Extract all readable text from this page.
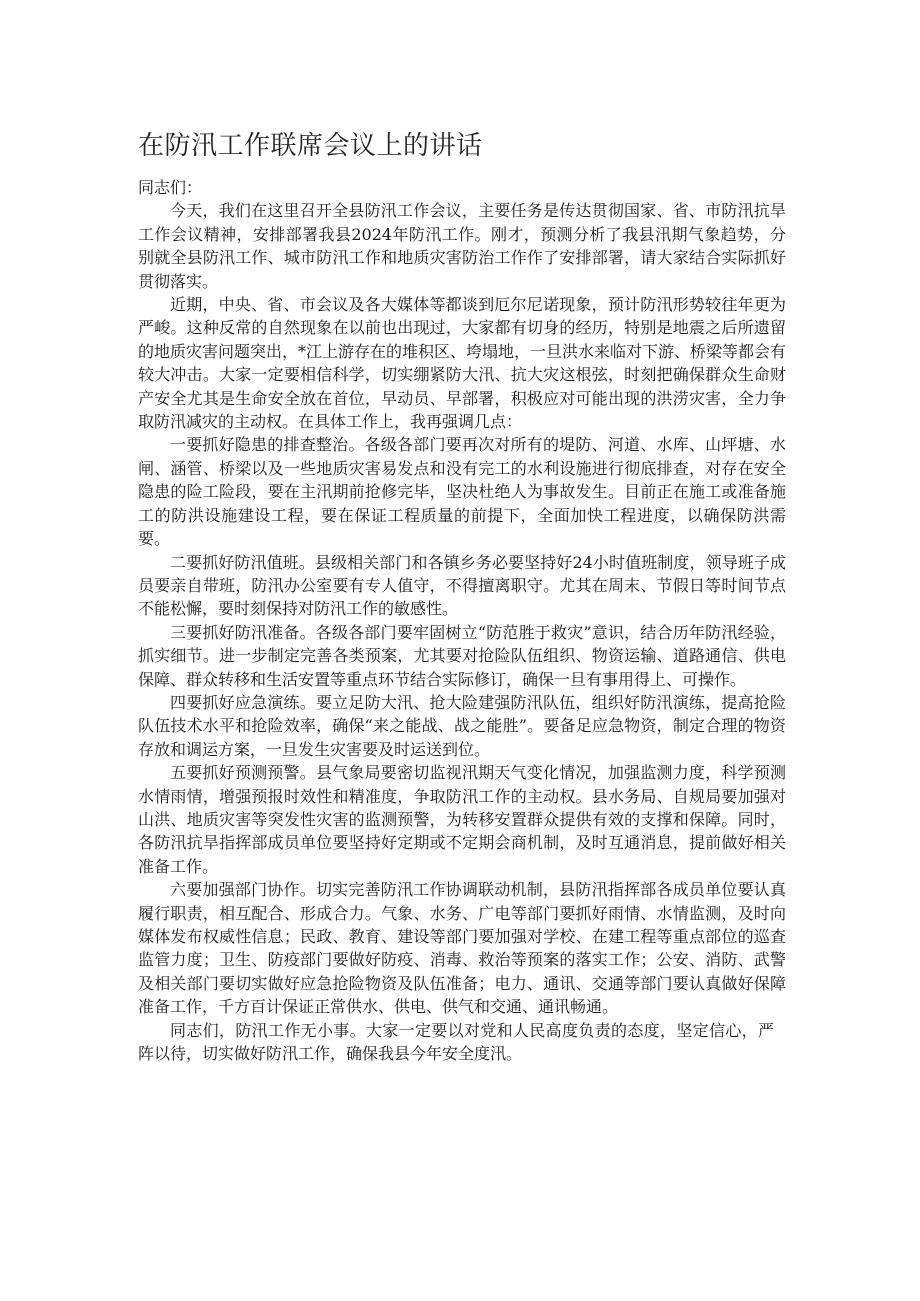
在防汛工作联席会议上的讲话

同志们：

今天，我们在这里召开全县防汛工作会议，主要任务是传达贯彻国家、省、市防汛抗旱工作会议精神，安排部署我县2024年防汛工作。刚才，预测分析了我县汛期气象趋势，分别就全县防汛工作、城市防汛工作和地质灾害防治工作作了安排部署，请大家结合实际抓好贯彻落实。

近期，中央、省、市会议及各大媒体等都谈到厄尔尼诺现象，预计防汛形势较往年更为严峻。这种反常的自然现象在以前也出现过，大家都有切身的经历，特别是地震之后所遗留的地质灾害问题突出，*江上游存在的堆积区、垮塌地，一旦洪水来临对下游、桥梁等都会有较大冲击。大家一定要相信科学，切实绷紧防大汛、抗大灾这根弦，时刻把确保群众生命财产安全尤其是生命安全放在首位，早动员、早部署，积极应对可能出现的洪涝灾害，全力争取防汛减灾的主动权。在具体工作上，我再强调几点：

一要抓好隐患的排查整治。各级各部门要再次对所有的堤防、河道、水库、山坪塘、水闸、涵管、桥梁以及一些地质灾害易发点和没有完工的水利设施进行彻底排查，对存在安全隐患的险工险段，要在主汛期前抢修完毕，坚决杜绝人为事故发生。目前正在施工或准备施工的防洪设施建设工程，要在保证工程质量的前提下，全面加快工程进度，以确保防洪需要。

二要抓好防汛值班。县级相关部门和各镇乡务必要坚持好24小时值班制度，领导班子成员要亲自带班，防汛办公室要有专人值守，不得擅离职守。尤其在周末、节假日等时间节点不能松懈，要时刻保持对防汛工作的敏感性。

三要抓好防汛准备。各级各部门要牢固树立“防范胜于救灾”意识，结合历年防汛经验，抓实细节。进一步制定完善各类预案，尤其要对抢险队伍组织、物资运输、道路通信、供电保障、群众转移和生活安置等重点环节结合实际修订，确保一旦有事用得上、可操作。

四要抓好应急演练。要立足防大汛、抢大险建强防汛队伍，组织好防汛演练，提高抢险队伍技术水平和抢险效率，确保“来之能战、战之能胜”。要备足应急物资，制定合理的物资存放和调运方案，一旦发生灾害要及时运送到位。

五要抓好预测预警。县气象局要密切监视汛期天气变化情况，加强监测力度，科学预测水情雨情，增强预报时效性和精准度，争取防汛工作的主动权。县水务局、自规局要加强对山洪、地质灾害等突发性灾害的监测预警，为转移安置群众提供有效的支撑和保障。同时，各防汛抗旱指挥部成员单位要坚持好定期或不定期会商机制，及时互通消息，提前做好相关准备工作。

六要加强部门协作。切实完善防汛工作协调联动机制，县防汛指挥部各成员单位要认真履行职责，相互配合、形成合力。气象、水务、广电等部门要抓好雨情、水情监测，及时向媒体发布权威性信息；民政、教育、建设等部门要加强对学校、在建工程等重点部位的巡查监管力度；卫生、防疫部门要做好防疫、消毒、救治等预案的落实工作；公安、消防、武警及相关部门要切实做好应急抢险物资及队伍准备；电力、通讯、交通等部门要认真做好保障准备工作，千方百计保证正常供水、供电、供气和交通、通讯畅通。

同志们，防汛工作无小事。大家一定要以对党和人民高度负责的态度，坚定信心，严阵以待，切实做好防汛工作，确保我县今年安全度汛。
